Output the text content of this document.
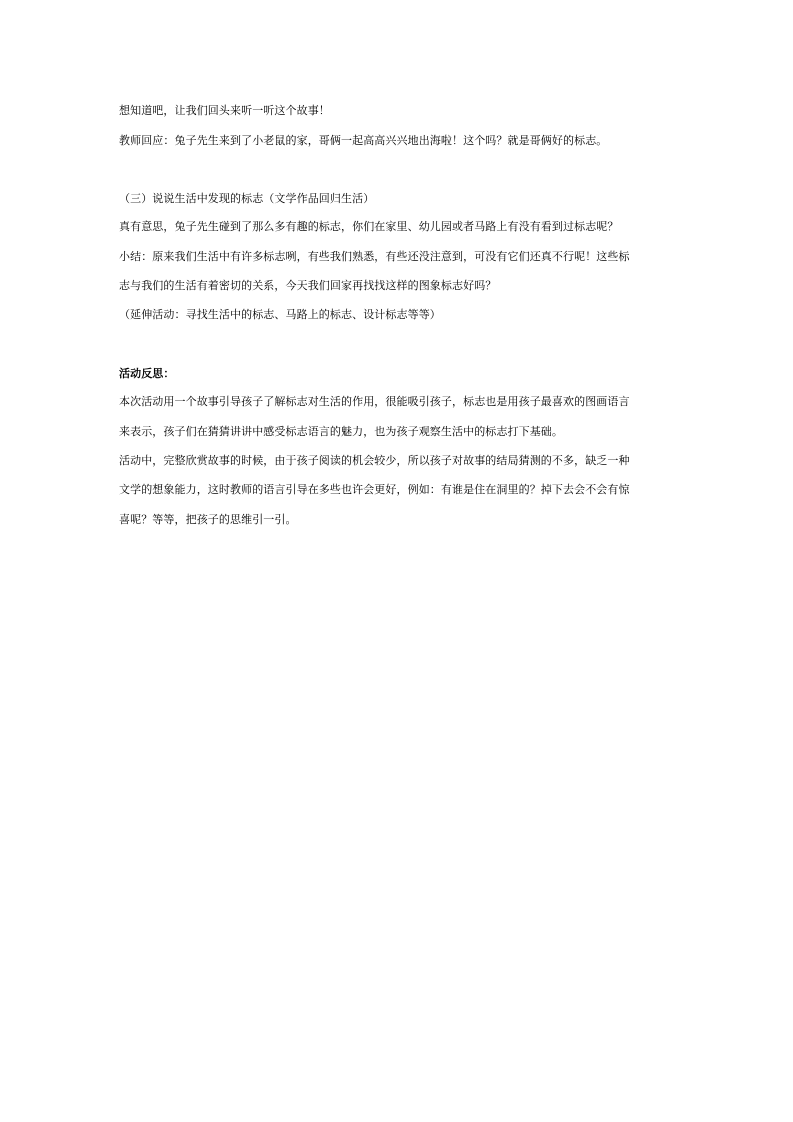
想知道吧，让我们回头来听一听这个故事！
教师回应：兔子先生来到了小老鼠的家，哥俩一起高高兴兴地出海啦！这个吗？就是哥俩好的标志。
（三）说说生活中发现的标志（文学作品回归生活）
真有意思，兔子先生碰到了那么多有趣的标志，你们在家里、幼儿园或者马路上有没有看到过标志呢？
小结：原来我们生活中有许多标志咧，有些我们熟悉，有些还没注意到，可没有它们还真不行呢！这些标
志与我们的生活有着密切的关系，今天我们回家再找找这样的图象标志好吗？
（延伸活动：寻找生活中的标志、马路上的标志、设计标志等等）
活动反思：
本次活动用一个故事引导孩子了解标志对生活的作用，很能吸引孩子，标志也是用孩子最喜欢的图画语言
来表示，孩子们在猜猜讲讲中感受标志语言的魅力，也为孩子观察生活中的标志打下基础。
活动中，完整欣赏故事的时候，由于孩子阅读的机会较少，所以孩子对故事的结局猜测的不多，缺乏一种
文学的想象能力，这时教师的语言引导在多些也许会更好，例如：有谁是住在洞里的？掉下去会不会有惊
喜呢？等等，把孩子的思维引一引。
